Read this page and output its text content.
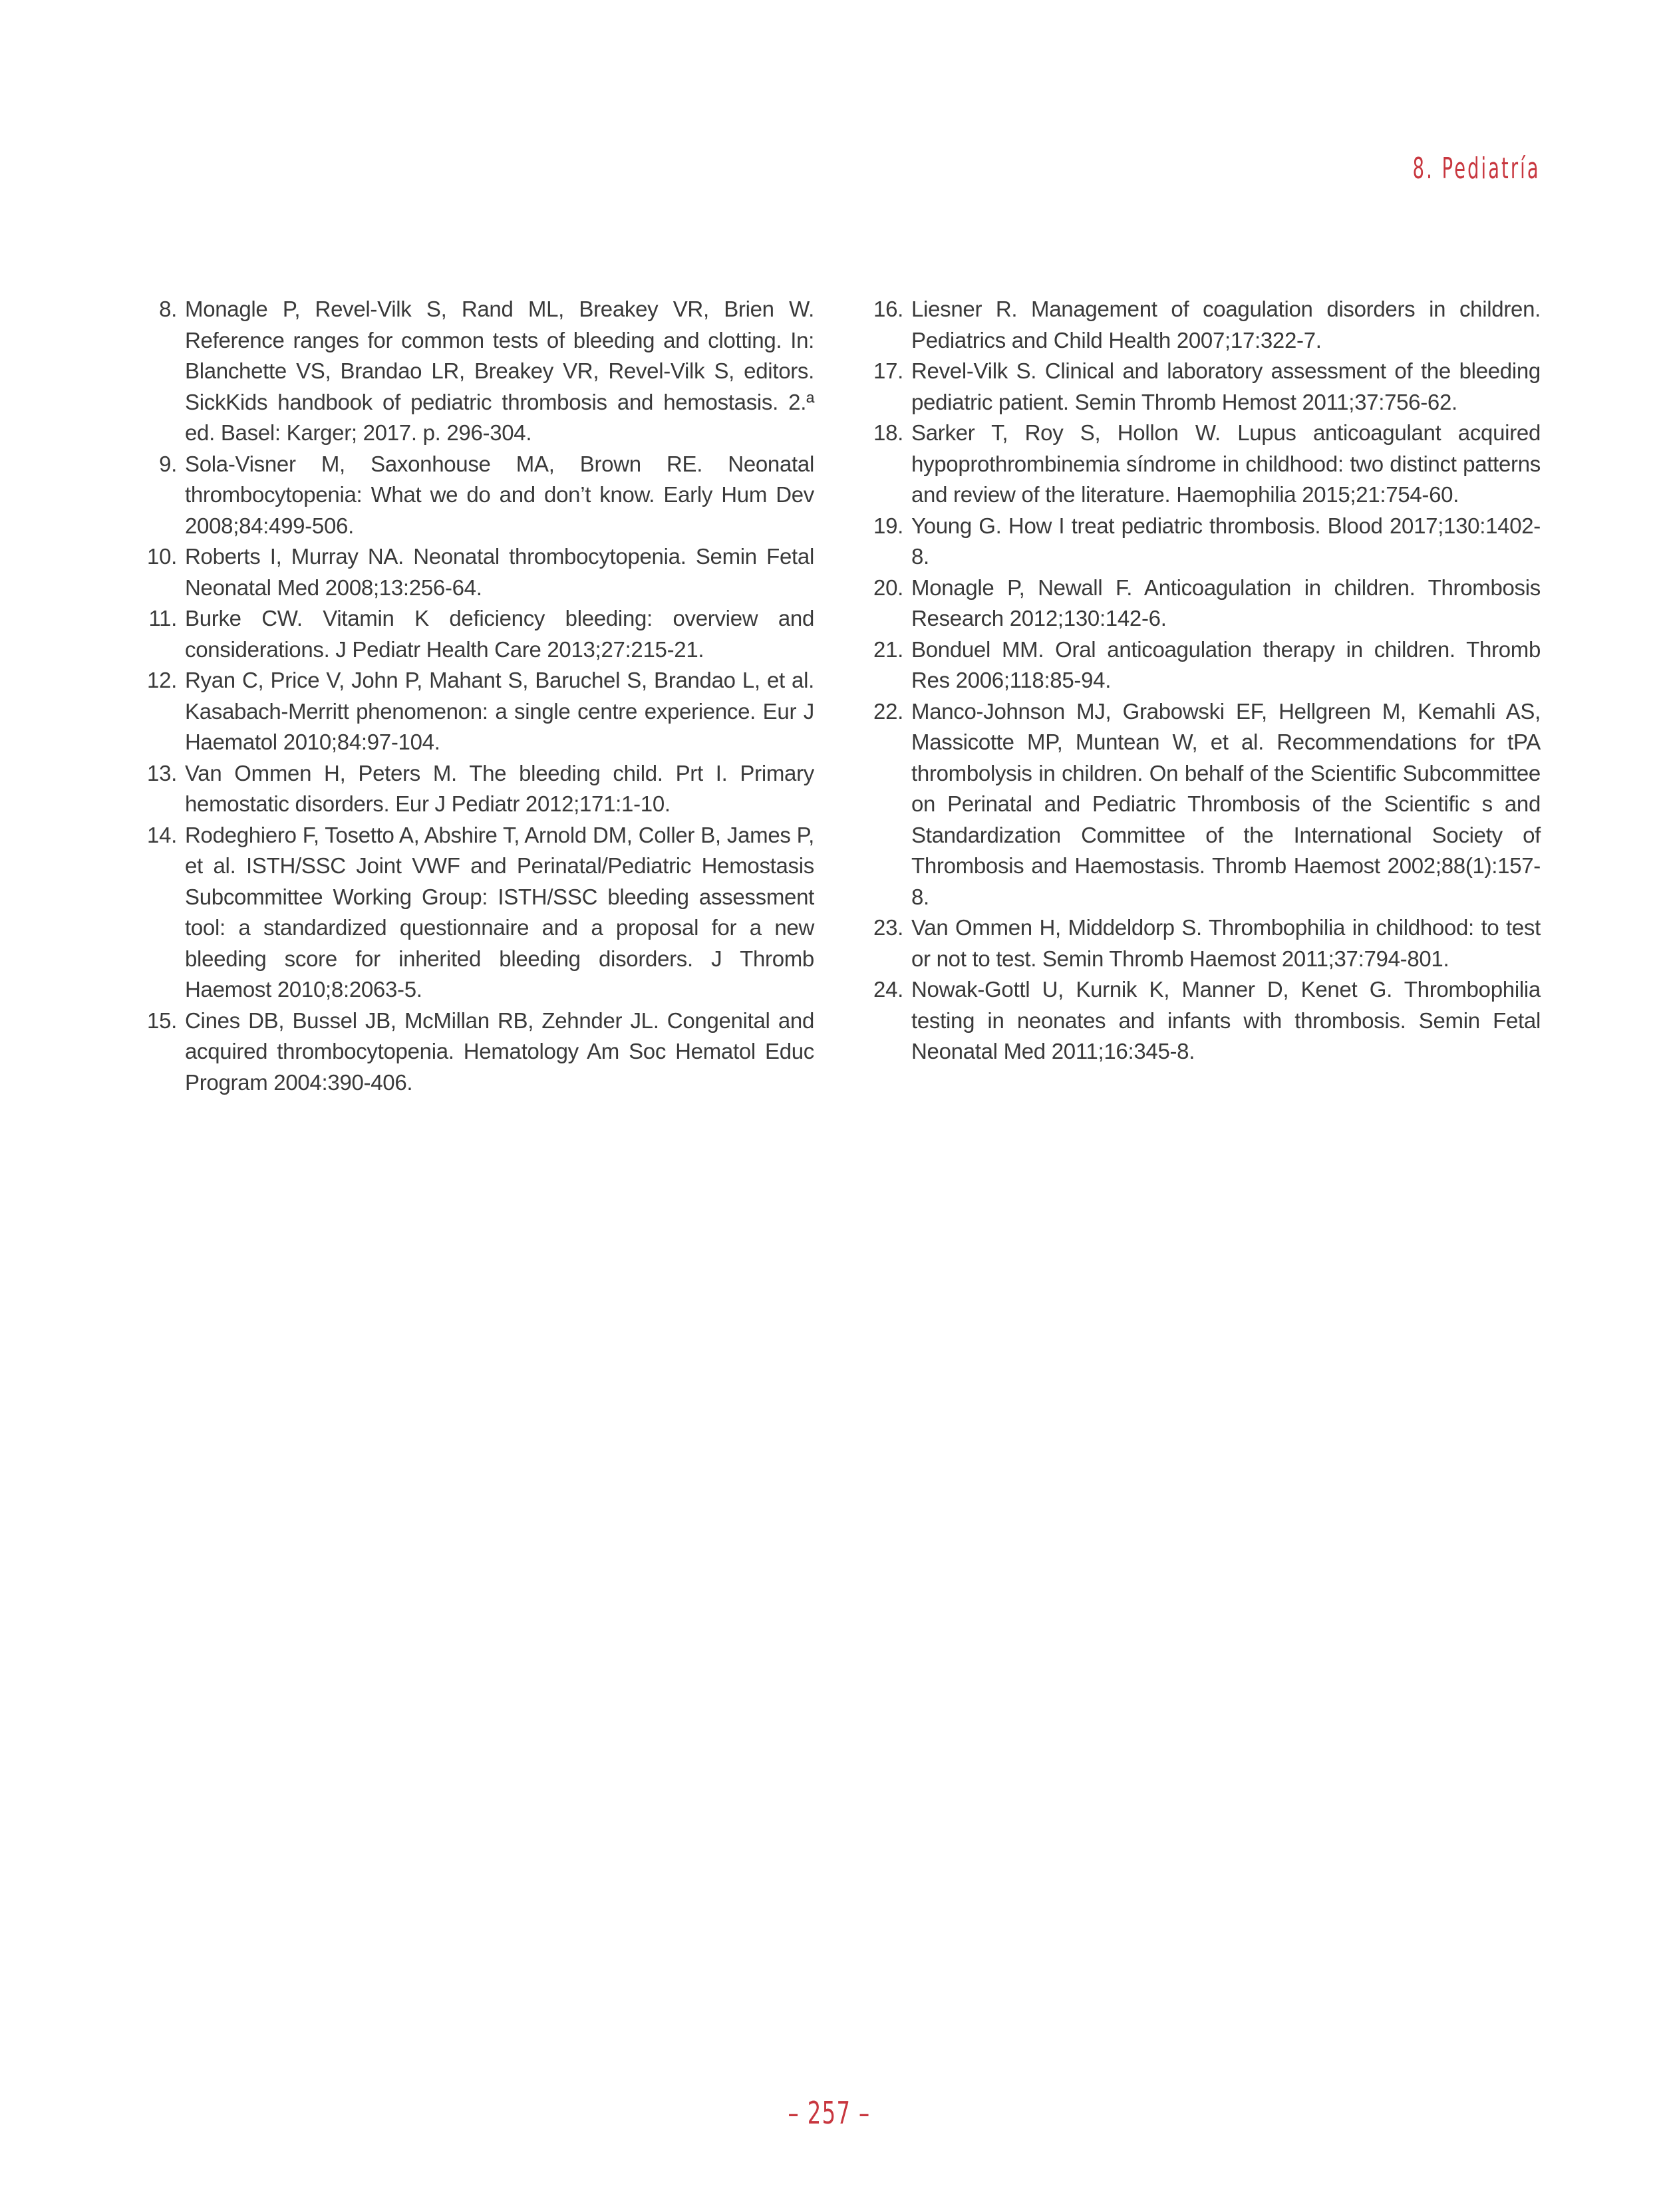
8. Pediatría
8. Monagle P, Revel-Vilk S, Rand ML, Breakey VR, Brien W. Reference ranges for common tests of bleeding and clotting. In: Blanchette VS, Brandao LR, Breakey VR, Revel-Vilk S, editors. SickKids handbook of pediatric thrombosis and hemostasis. 2.ª ed. Basel: Karger; 2017. p. 296-304.
9. Sola-Visner M, Saxonhouse MA, Brown RE. Neonatal thrombocytopenia: What we do and don’t know. Early Hum Dev 2008;84:499-506.
10. Roberts I, Murray NA. Neonatal thrombocytopenia. Semin Fetal Neonatal Med 2008;13:256-64.
11. Burke CW. Vitamin K deficiency bleeding: overview and considerations. J Pediatr Health Care 2013;27:215-21.
12. Ryan C, Price V, John P, Mahant S, Baruchel S, Brandao L, et al. Kasabach-Merritt phenomenon: a single centre experience. Eur J Haematol 2010;84:97-104.
13. Van Ommen H, Peters M. The bleeding child. Prt I. Primary hemostatic disorders. Eur J Pediatr 2012;171:1-10.
14. Rodeghiero F, Tosetto A, Abshire T, Arnold DM, Coller B, James P, et al. ISTH/SSC Joint VWF and Perinatal/Pediatric Hemostasis Subcommittee Working Group: ISTH/SSC bleeding assessment tool: a standardized questionnaire and a proposal for a new bleeding score for inherited bleeding disorders. J Thromb Haemost 2010;8:2063-5.
15. Cines DB, Bussel JB, McMillan RB, Zehnder JL. Congenital and acquired thrombocytopenia. Hematology Am Soc Hematol Educ Program 2004:390-406.
16. Liesner R. Management of coagulation disorders in children. Pediatrics and Child Health 2007;17:322-7.
17. Revel-Vilk S. Clinical and laboratory assessment of the bleeding pediatric patient. Semin Thromb Hemost 2011;37:756-62.
18. Sarker T, Roy S, Hollon W. Lupus anticoagulant acquired hypoprothrombinemia síndrome in childhood: two distinct patterns and review of the literature. Haemophilia 2015;21:754-60.
19. Young G. How I treat pediatric thrombosis. Blood 2017;130:1402-8.
20. Monagle P, Newall F. Anticoagulation in children. Thrombosis Research 2012;130:142-6.
21. Bonduel MM. Oral anticoagulation therapy in children. Thromb Res 2006;118:85-94.
22. Manco-Johnson MJ, Grabowski EF, Hellgreen M, Kemahli AS, Massicotte MP, Muntean W, et al. Recommendations for tPA thrombolysis in children. On behalf of the Scientific Subcommittee on Perinatal and Pediatric Thrombosis of the Scientific s and Standardization Committee of the International Society of Thrombosis and Haemostasis. Thromb Haemost 2002;88(1):157-8.
23. Van Ommen H, Middeldorp S. Thrombophilia in childhood: to test or not to test. Semin Thromb Haemost 2011;37:794-801.
24. Nowak-Gottl U, Kurnik K, Manner D, Kenet G. Thrombophilia testing in neonates and infants with thrombosis. Semin Fetal Neonatal Med 2011;16:345-8.
– 257 –
